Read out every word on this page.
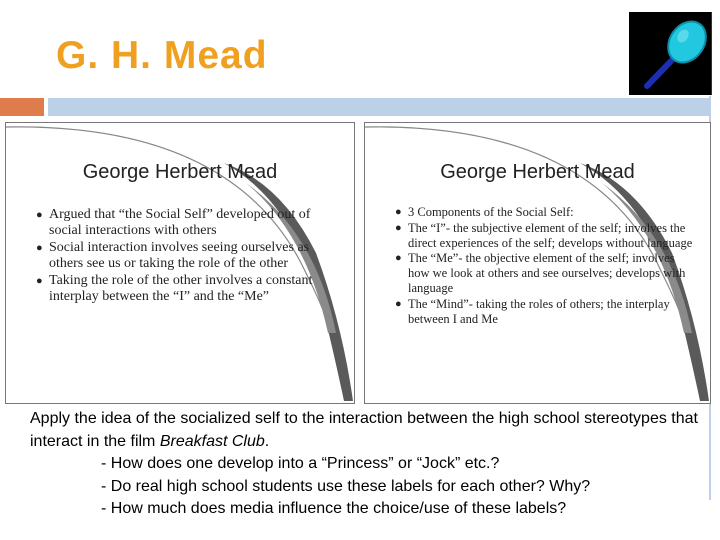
G. H. Mead
George Herbert Mead
● Argued that “the Social Self” developed out of social interactions with others
● Social interaction involves seeing ourselves as others see us or taking the role of the other
● Taking the role of the other involves a constant interplay between the “I” and the “Me”
George Herbert Mead
● 3 Components of the Social Self:
● The “I”- the subjective element of the self; involves the direct experiences of the self; develops without language
● The “Me”- the objective element of the self; involves how we look at others and see ourselves; develops with language
● The “Mind”- taking the roles of others; the interplay between I and Me
Apply the idea of the socialized self to the interaction between the high school stereotypes that interact in the film Breakfast Club.
- How does one develop into a “Princess” or “Jock” etc.?
- Do real high school students use these labels for each other? Why?
- How much does media influence the choice/use of these labels?
